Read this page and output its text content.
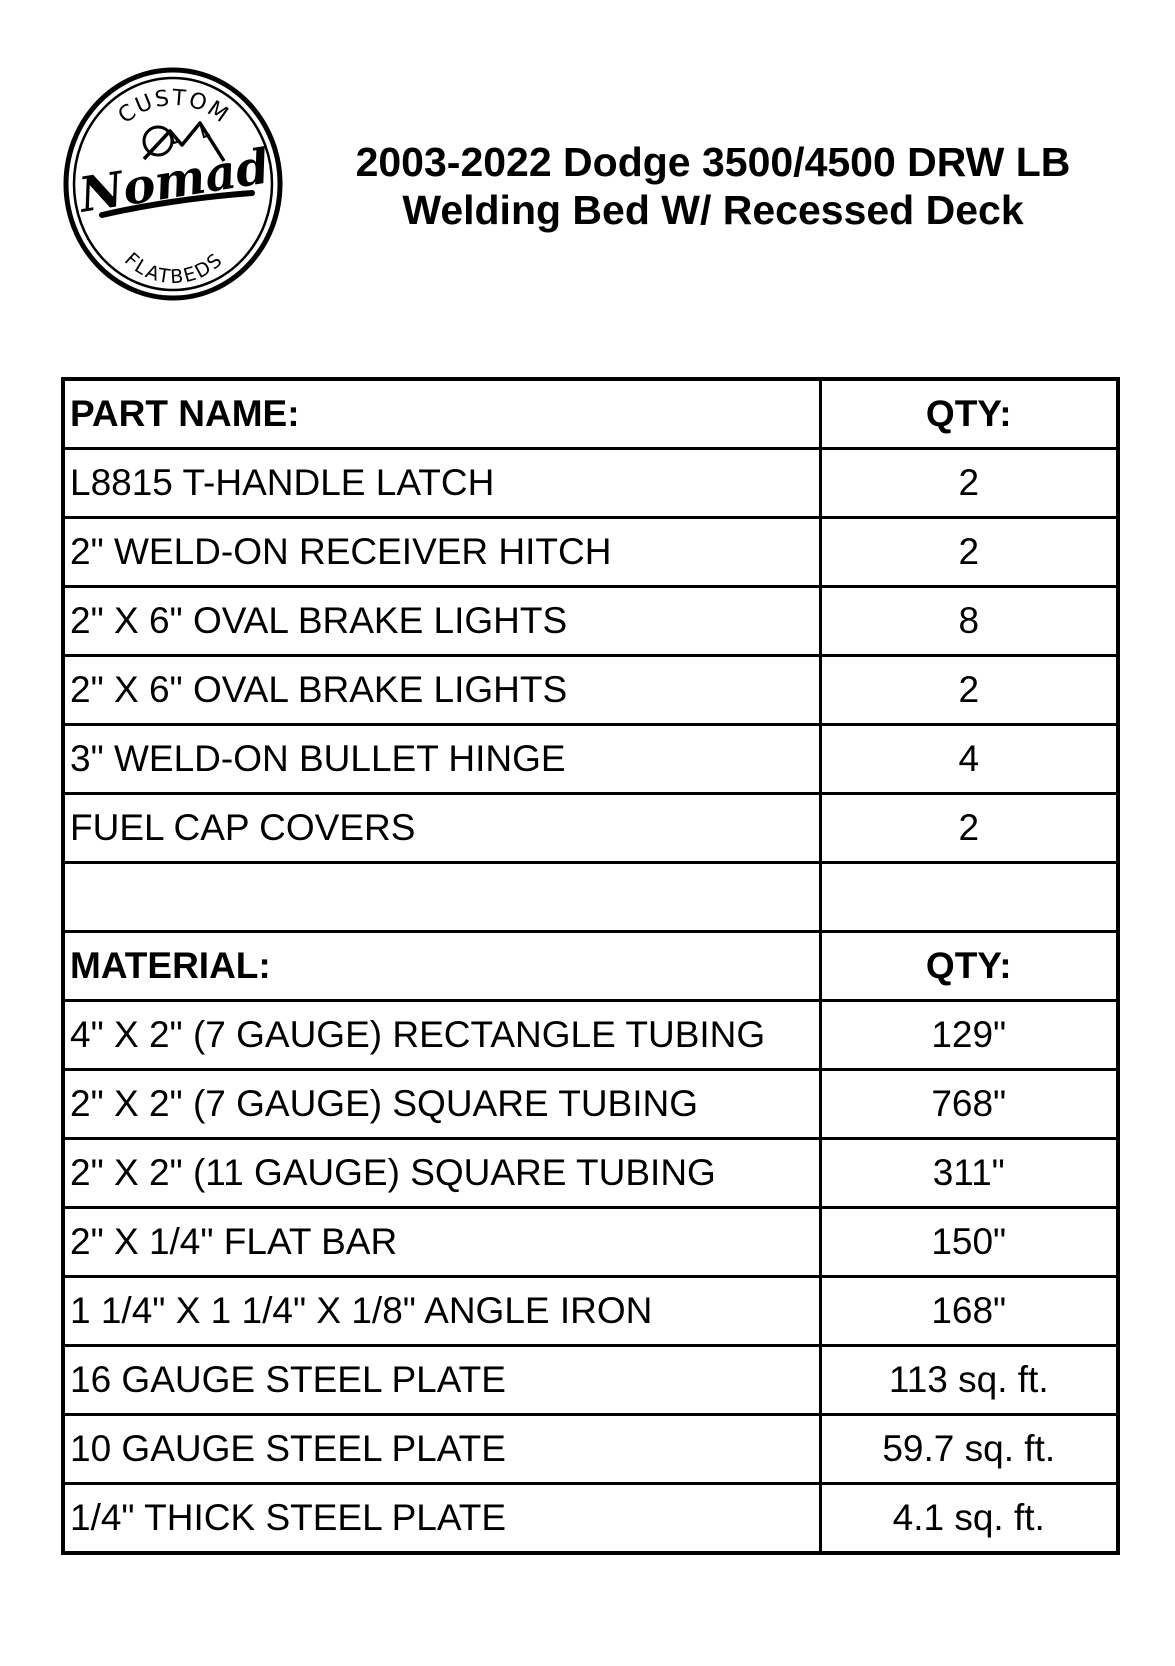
CUSTOM
Nomad
FLATBEDS
2003-2022 Dodge 3500/4500 DRW LB
Welding Bed W/ Recessed Deck
PART NAME:	QTY:
L8815 T-HANDLE LATCH	2
2" WELD-ON RECEIVER HITCH	2
2" X 6" OVAL BRAKE LIGHTS	8
2" X 6" OVAL BRAKE LIGHTS	2
3" WELD-ON BULLET HINGE	4
FUEL CAP COVERS	2

MATERIAL:	QTY:
4" X 2" (7 GAUGE) RECTANGLE TUBING	129"
2" X 2" (7 GAUGE) SQUARE TUBING	768"
2" X 2" (11 GAUGE) SQUARE TUBING	311"
2" X 1/4" FLAT BAR	150"
1 1/4" X 1 1/4" X 1/8" ANGLE IRON	168"
16 GAUGE STEEL PLATE	113 sq. ft.
10 GAUGE STEEL PLATE	59.7 sq. ft.
1/4" THICK STEEL PLATE	4.1 sq. ft.
